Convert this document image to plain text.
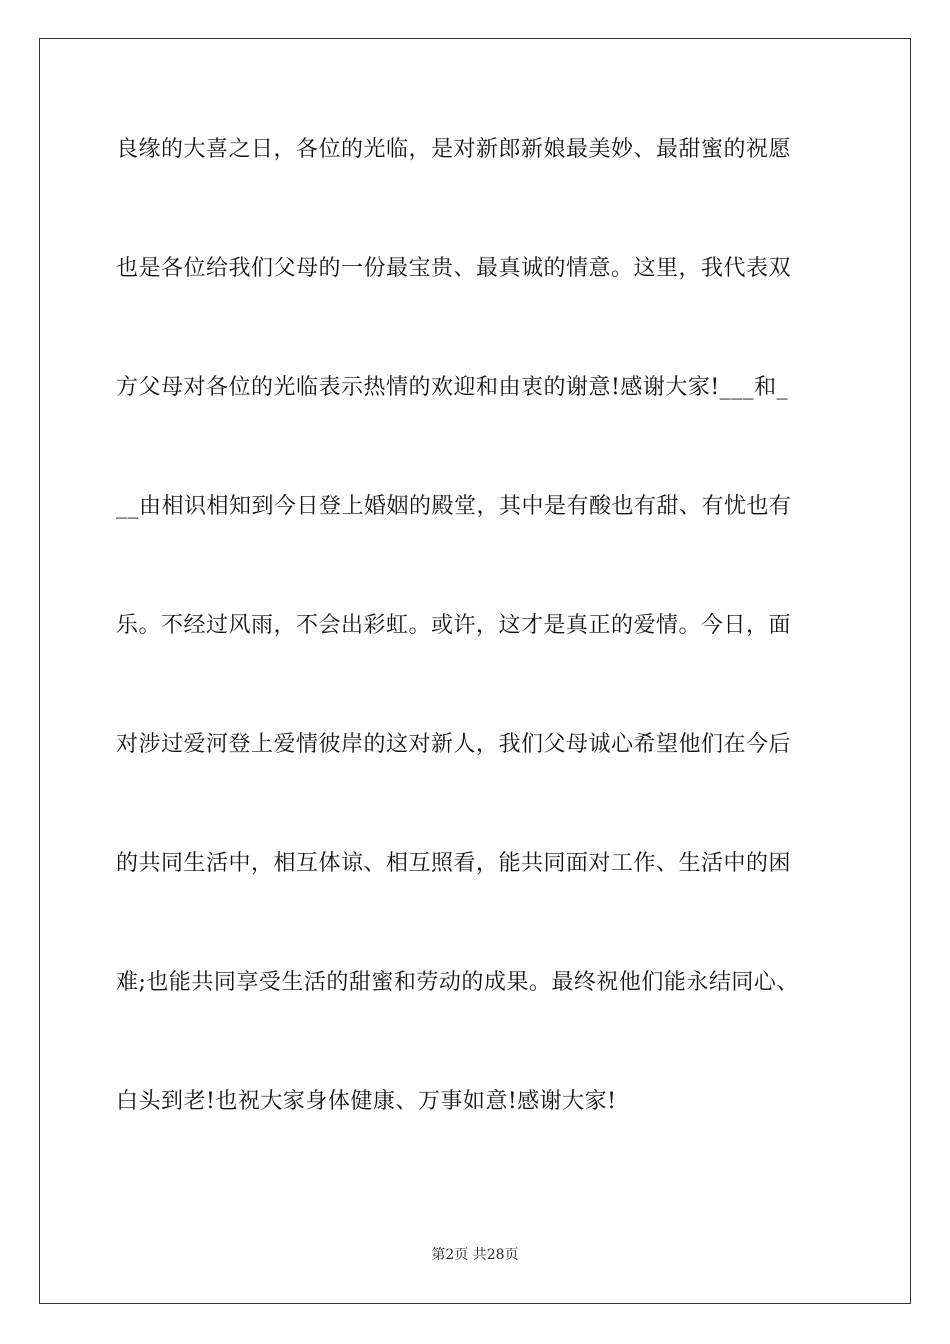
良缘的大喜之日，各位的光临，是对新郎新娘最美妙、最甜蜜的祝愿
也是各位给我们父母的一份最宝贵、最真诚的情意。这里，我代表双
方父母对各位的光临表示热情的欢迎和由衷的谢意!感谢大家!___和_
__由相识相知到今日登上婚姻的殿堂，其中是有酸也有甜、有忧也有
乐。不经过风雨，不会出彩虹。或许，这才是真正的爱情。今日，面
对涉过爱河登上爱情彼岸的这对新人，我们父母诚心希望他们在今后
的共同生活中，相互体谅、相互照看，能共同面对工作、生活中的困
难;也能共同享受生活的甜蜜和劳动的成果。最终祝他们能永结同心、
白头到老!也祝大家身体健康、万事如意!感谢大家!
第2页 共28页
